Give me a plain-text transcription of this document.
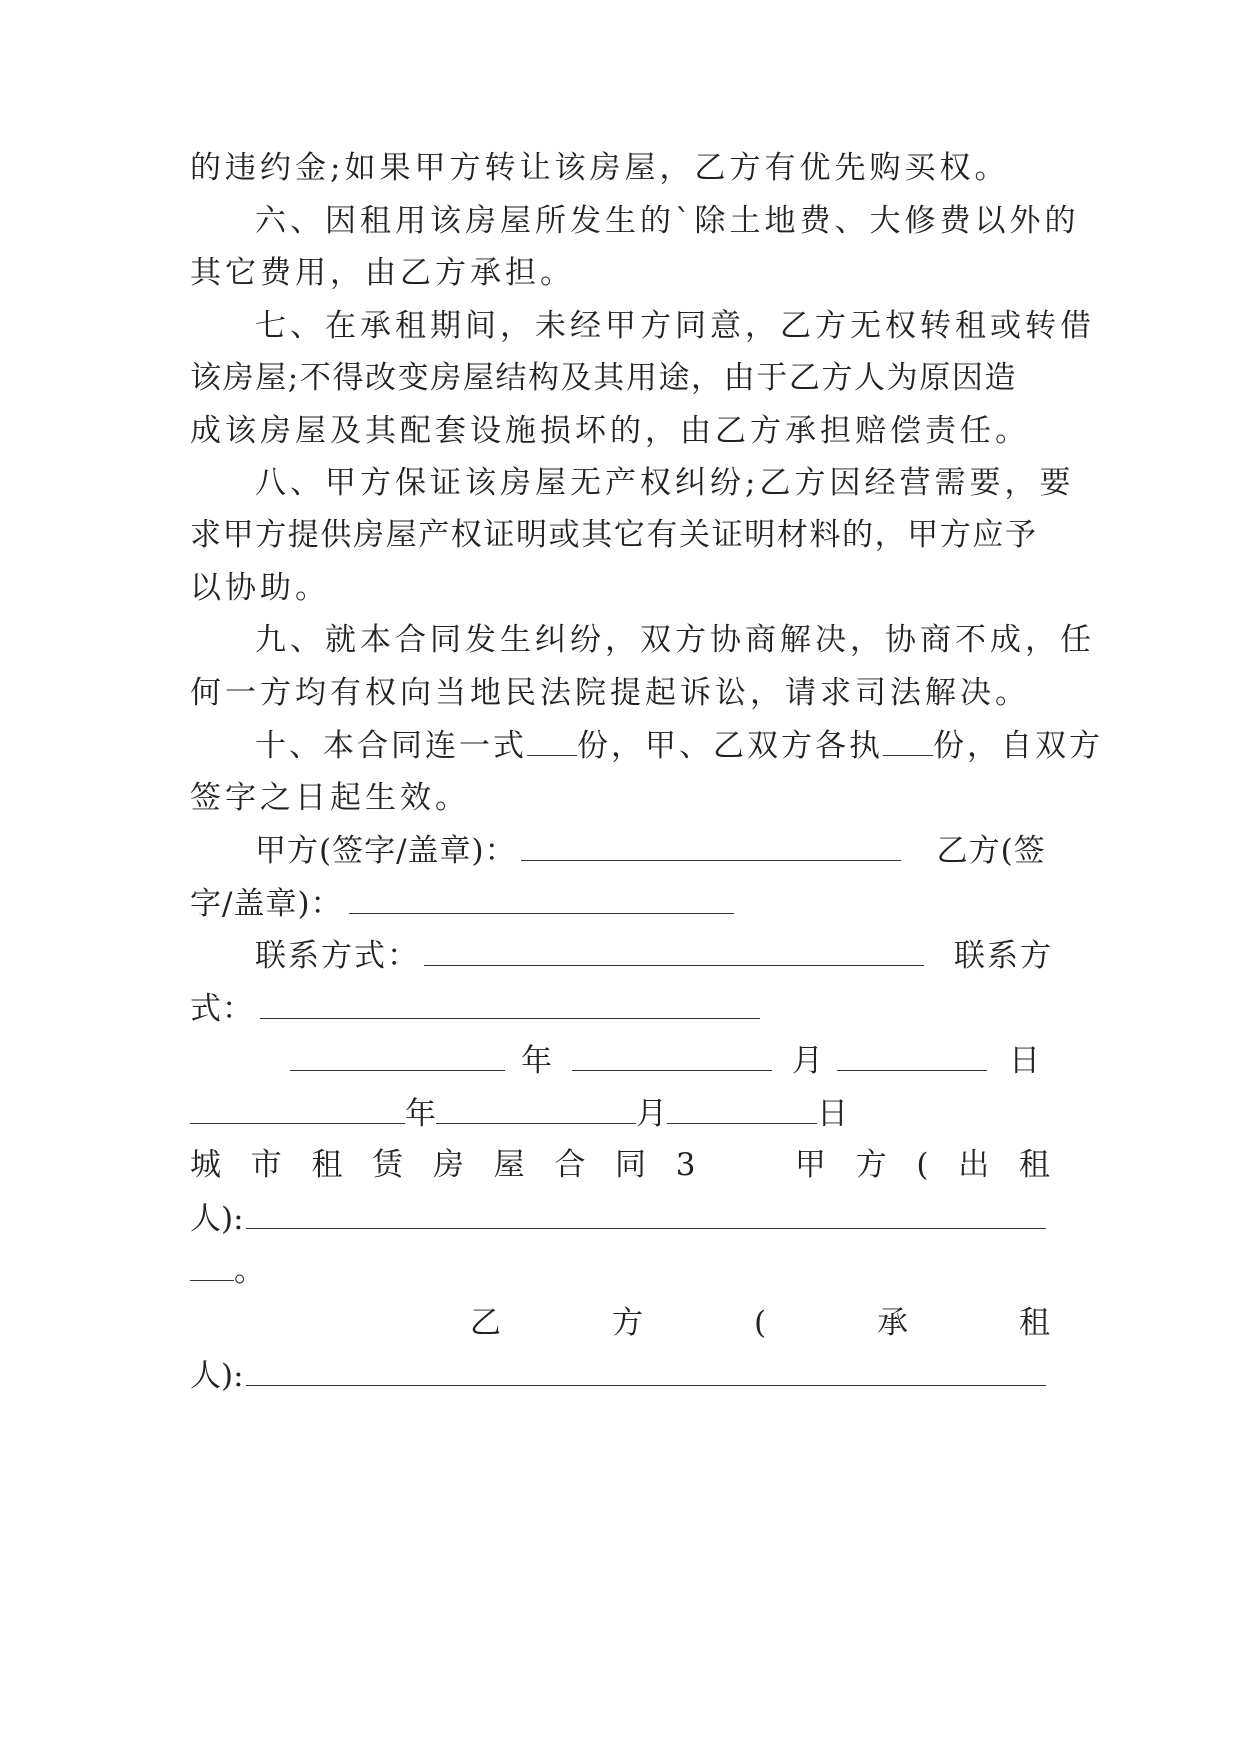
的违约金;如果甲方转让该房屋，乙方有优先购买权。
六、因租用该房屋所发生的`除土地费、大修费以外的
其它费用，由乙方承担。
七、在承租期间，未经甲方同意，乙方无权转租或转借
该房屋;不得改变房屋结构及其用途，由于乙方人为原因造
成该房屋及其配套设施损坏的，由乙方承担赔偿责任。
八、甲方保证该房屋无产权纠纷;乙方因经营需要，要
求甲方提供房屋产权证明或其它有关证明材料的，甲方应予
以协助。
九、就本合同发生纠纷，双方协商解决，协商不成，任
何一方均有权向当地民法院提起诉讼，请求司法解决。
十、本合同连一式 份，甲、乙双方各执 份，自双方
签字之日起生效。
甲方(签字/盖章)：	乙方(签
字/盖章)：
联系方式：	联系方
式：
年	月	日
年	月	日
城 市 租 赁 房 屋 合 同 3	甲 方 ( 出 租
人):
。
乙	方	(	承	租
人):
